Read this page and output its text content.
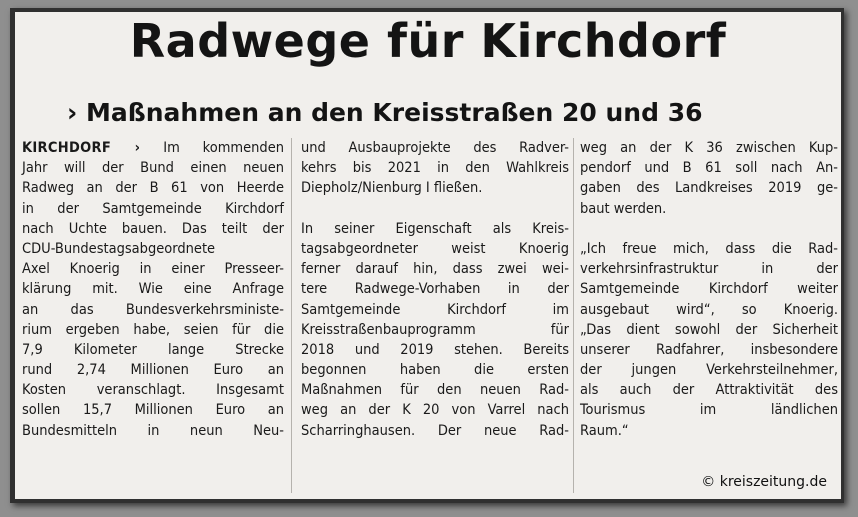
Radwege für Kirchdorf
› Maßnahmen an den Kreisstraßen 20 und 36
KIRCHDORF › Im kommenden
Jahr will der Bund einen neuen
Radweg an der B 61 von Heerde
in der Samtgemeinde Kirchdorf
nach Uchte bauen. Das teilt der
CDU-Bundestagsabgeordnete
Axel Knoerig in einer Presseer-
klärung mit. Wie eine Anfrage
an das Bundesverkehrsministe-
rium ergeben habe, seien für die
7,9 Kilometer lange Strecke
rund 2,74 Millionen Euro an
Kosten veranschlagt. Insgesamt
sollen 15,7 Millionen Euro an
Bundesmitteln in neun Neu-
und Ausbauprojekte des Radver-
kehrs bis 2021 in den Wahlkreis
Diepholz/Nienburg I fließen.
In seiner Eigenschaft als Kreis-
tagsabgeordneter weist Knoerig
ferner darauf hin, dass zwei wei-
tere Radwege-Vorhaben in der
Samtgemeinde Kirchdorf im
Kreisstraßenbauprogramm für
2018 und 2019 stehen. Bereits
begonnen haben die ersten
Maßnahmen für den neuen Rad-
weg an der K 20 von Varrel nach
Scharringhausen. Der neue Rad-
weg an der K 36 zwischen Kup-
pendorf und B 61 soll nach An-
gaben des Landkreises 2019 ge-
baut werden.
„Ich freue mich, dass die Rad-
verkehrsinfrastruktur in der
Samtgemeinde Kirchdorf weiter
ausgebaut wird“, so Knoerig.
„Das dient sowohl der Sicherheit
unserer Radfahrer, insbesondere
der jungen Verkehrsteilnehmer,
als auch der Attraktivität des
Tourismus im ländlichen
Raum.“
© kreiszeitung.de
